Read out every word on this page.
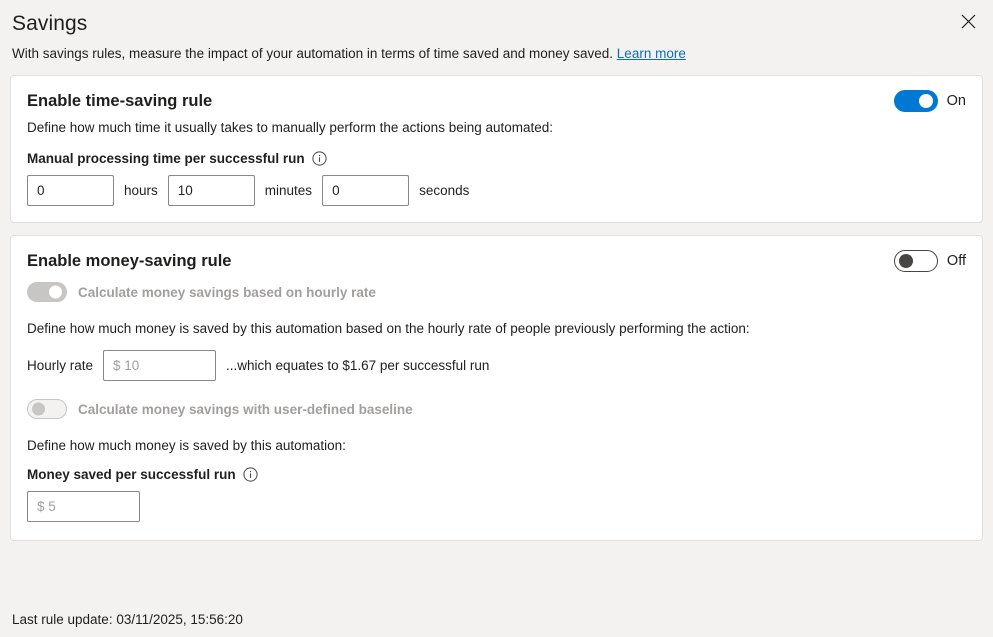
Savings
With savings rules, measure the impact of your automation in terms of time saved and money saved. Learn more
Enable time-saving rule	On
Define how much time it usually takes to manually perform the actions being automated:
Manual processing time per successful run
0
hours
10	minutes
0	seconds
Enable money-saving rule	Off
Calculate money savings based on hourly rate
Define how much money is saved by this automation based on the hourly rate of people previously performing the action:
Hourly rate
$ 10	...which equates to $1.67 per successful run
Calculate money savings with user-defined baseline
Define how much money is saved by this automation:
Money saved per successful run
$ 5
Last rule update: 03/11/2025, 15:56:20
